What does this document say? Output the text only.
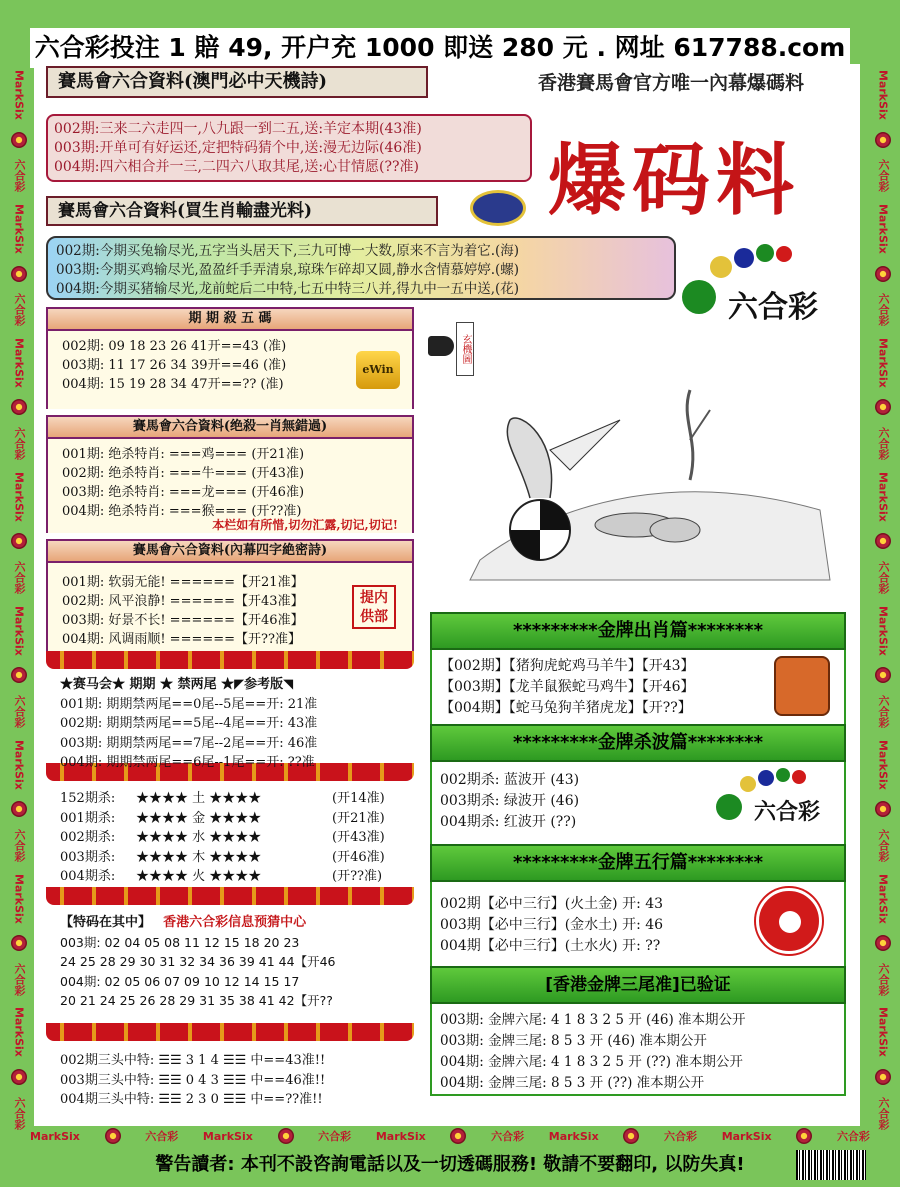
MarkSix
六合彩
MarkSix
六合彩
MarkSix
六合彩
MarkSix
六合彩
MarkSix
六合彩
MarkSix
六合彩
MarkSix
六合彩
MarkSix
六合彩
MarkSix
六合彩
MarkSix
六合彩
MarkSix
六合彩
MarkSix
六合彩
MarkSix
六合彩
MarkSix
六合彩
MarkSix
六合彩
MarkSix
六合彩
MarkSix	六合彩 MarkSix	六合彩 MarkSix	六合彩 MarkSix	六合彩 MarkSix	六合彩
六合彩投注 1 賠 49, 开户充 1000 即送 280 元 . 网址 617788.com
賽馬會六合資料(澳門必中天機詩)	香港賽馬會官方唯一內幕爆碼料
002期:三来二六走四一,八九跟一到二五,送:羊定本期(43准)
003期:开单可有好运还,定把特码猜个中,送:漫无边际(46准)
004期:四六相合并一三,二四六八取其尾,送:心甘情愿(??准)	爆码料
賽馬會六合資料(買生肖輸盡光料)
002期:今期买兔输尽光,五字当头居天下,三九可博一大数,原来不言为着它.(海)
003期:今期买鸡输尽光,盈盈纤手弄清泉,琼珠乍碎却又圆,静水含情慕婷婷.(螺)
004期:今期买猪输尽光,龙前蛇后二中特,七五中特三八并,得九中一五中送,(花)
六合彩
玄機圖
期 期 殺 五 碼
002期: 09 18 23 26 41开==43 (准)
003期: 11 17 26 34 39开==46 (准)
004期: 15 19 28 34 47开==?? (准)
eWin
賽馬會六合資料(绝殺一肖無錯過)
001期: 绝杀特肖: ===鸡=== (开21准)
002期: 绝杀特肖: ===牛=== (开43准)
003期: 绝杀特肖: ===龙=== (开46准)
004期: 绝杀特肖: ===猴=== (开??准)
本栏如有所惜,切勿汇露,切记,切记!
賽馬會六合資料(內幕四字絶密詩)
001期: 软弱无能! ======【开21准】
002期: 风平浪静! ======【开43准】
003期: 好景不长! ======【开46准】
004期: 风调雨顺! ======【开??准】
提内供部
★赛马会★ 期期 ★ 禁两尾 ★◤参考版◥
001期: 期期禁两尾==0尾--5尾==开: 21准
002期: 期期禁两尾==5尾--4尾==开: 43准
003期: 期期禁两尾==7尾--2尾==开: 46准
004期: 期期禁两尾==6尾--1尾==开: ??准
152期杀:	★★★★ 土 ★★★★	(开14准)
001期杀:	★★★★ 金 ★★★★	(开21准)
002期杀:	★★★★ 水 ★★★★	(开43准)
003期杀:	★★★★ 木 ★★★★	(开46准)
004期杀:	★★★★ 火 ★★★★	(开??准)
【特码在其中】 香港六合彩信息预猜中心
003期: 02 04 05 08 11 12 15 18 20 23
24 25 28 29 30 31 32 34 36 39 41 44【开46
004期: 02 05 06 07 09 10 12 14 15 17
20 21 24 25 26 28 29 31 35 38 41 42【开??
002期三头中特: ☰☰ 3 1 4 ☰☰ 中==43准!!
003期三头中特: ☰☰ 0 4 3 ☰☰ 中==46准!!
004期三头中特: ☰☰ 2 3 0 ☰☰ 中==??准!!
*********金牌出肖篇********
【002期】【猪狗虎蛇鸡马羊牛】【开43】
【003期】【龙羊鼠猴蛇马鸡牛】【开46】
【004期】【蛇马兔狗羊猪虎龙】【开??】
*********金牌杀波篇********
002期杀: 蓝波开 (43)
003期杀: 绿波开 (46)
004期杀: 红波开 (??)	六合彩
*********金牌五行篇********
002期【必中三行】(火土金) 开: 43
003期【必中三行】(金水土) 开: 46
004期【必中三行】(土水火) 开: ??
[香港金牌三尾准]已验证
003期: 金牌六尾: 4 1 8 3 2 5 开 (46) 准本期公开
003期: 金牌三尾: 8 5 3 开 (46) 准本期公开
004期: 金牌六尾: 4 1 8 3 2 5 开 (??) 准本期公开
004期: 金牌三尾: 8 5 3 开 (??) 准本期公开
警告讀者: 本刊不設咨詢電話以及一切透碼服務! 敬請不要翻印, 以防失真!
